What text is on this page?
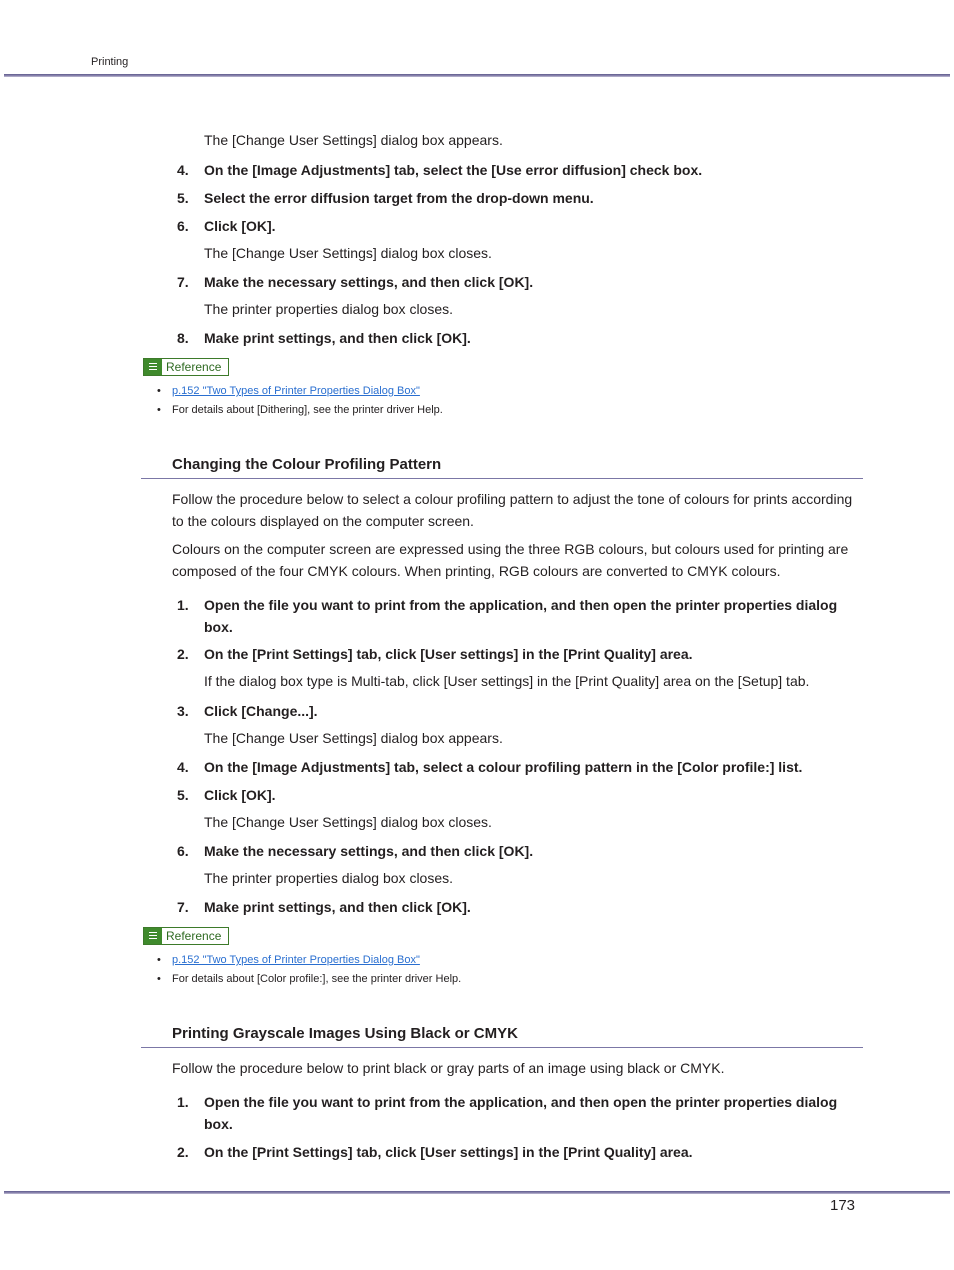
Printing
The [Change User Settings] dialog box appears.
4. On the [Image Adjustments] tab, select the [Use error diffusion] check box.
5. Select the error diffusion target from the drop-down menu.
6. Click [OK].
The [Change User Settings] dialog box closes.
7. Make the necessary settings, and then click [OK].
The printer properties dialog box closes.
8. Make print settings, and then click [OK].
Reference
• p.152 "Two Types of Printer Properties Dialog Box"
• For details about [Dithering], see the printer driver Help.
Changing the Colour Profiling Pattern
Follow the procedure below to select a colour profiling pattern to adjust the tone of colours for prints according to the colours displayed on the computer screen.
Colours on the computer screen are expressed using the three RGB colours, but colours used for printing are composed of the four CMYK colours. When printing, RGB colours are converted to CMYK colours.
1. Open the file you want to print from the application, and then open the printer properties dialog box.
2. On the [Print Settings] tab, click [User settings] in the [Print Quality] area.
If the dialog box type is Multi-tab, click [User settings] in the [Print Quality] area on the [Setup] tab.
3. Click [Change...].
The [Change User Settings] dialog box appears.
4. On the [Image Adjustments] tab, select a colour profiling pattern in the [Color profile:] list.
5. Click [OK].
The [Change User Settings] dialog box closes.
6. Make the necessary settings, and then click [OK].
The printer properties dialog box closes.
7. Make print settings, and then click [OK].
Reference
• p.152 "Two Types of Printer Properties Dialog Box"
• For details about [Color profile:], see the printer driver Help.
Printing Grayscale Images Using Black or CMYK
Follow the procedure below to print black or gray parts of an image using black or CMYK.
1. Open the file you want to print from the application, and then open the printer properties dialog box.
2. On the [Print Settings] tab, click [User settings] in the [Print Quality] area.
173
